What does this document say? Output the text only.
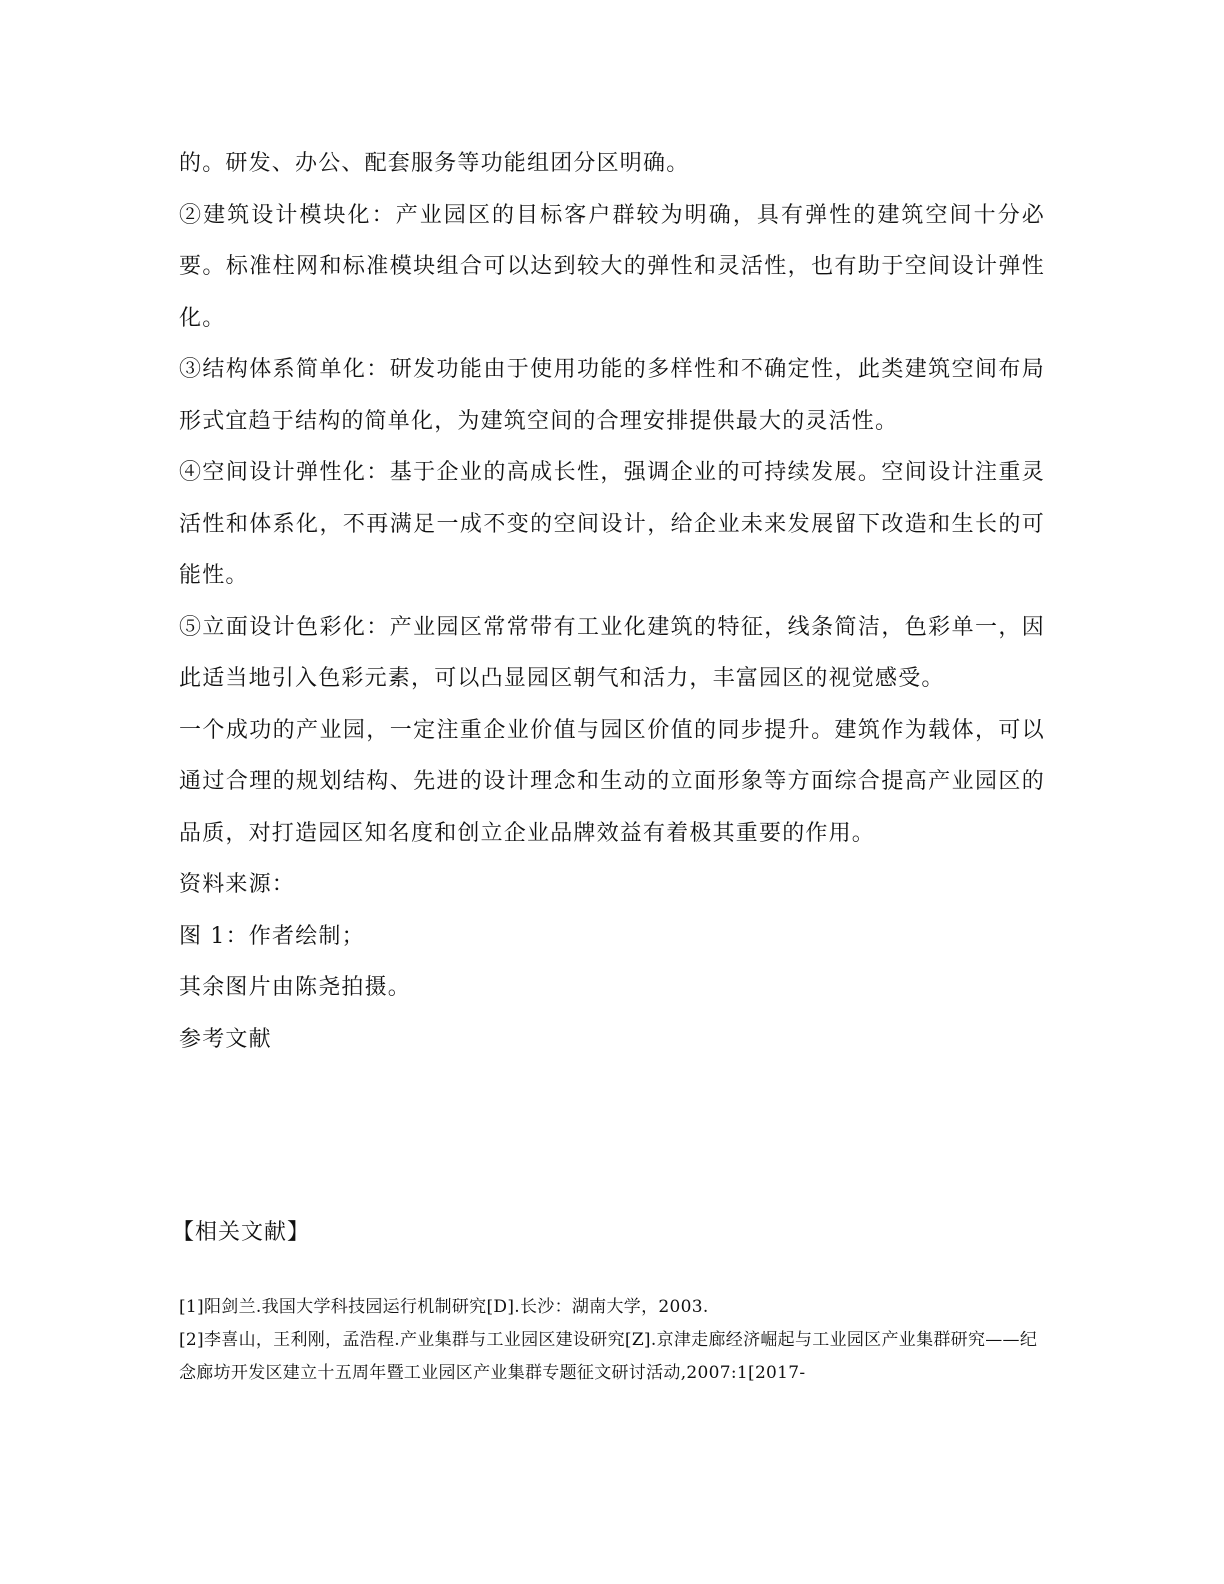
的。研发、办公、配套服务等功能组团分区明确。

②建筑设计模块化：产业园区的目标客户群较为明确，具有弹性的建筑空间十分必要。标准柱网和标准模块组合可以达到较大的弹性和灵活性，也有助于空间设计弹性化。

③结构体系简单化：研发功能由于使用功能的多样性和不确定性，此类建筑空间布局形式宜趋于结构的简单化，为建筑空间的合理安排提供最大的灵活性。

④空间设计弹性化：基于企业的高成长性，强调企业的可持续发展。空间设计注重灵活性和体系化，不再满足一成不变的空间设计，给企业未来发展留下改造和生长的可能性。

⑤立面设计色彩化：产业园区常常带有工业化建筑的特征，线条简洁，色彩单一，因此适当地引入色彩元素，可以凸显园区朝气和活力，丰富园区的视觉感受。

一个成功的产业园，一定注重企业价值与园区价值的同步提升。建筑作为载体，可以通过合理的规划结构、先进的设计理念和生动的立面形象等方面综合提高产业园区的品质，对打造园区知名度和创立企业品牌效益有着极其重要的作用。

资料来源：

图 1：作者绘制；

其余图片由陈尧拍摄。

参考文献

【相关文献】

[1]阳剑兰.我国大学科技园运行机制研究[D].长沙：湖南大学，2003.

[2]李喜山，王利刚，孟浩程.产业集群与工业园区建设研究[Z].京津走廊经济崛起与工业园区产业集群研究——纪念廊坊开发区建立十五周年暨工业园区产业集群专题征文研讨活动,2007:1[2017-
